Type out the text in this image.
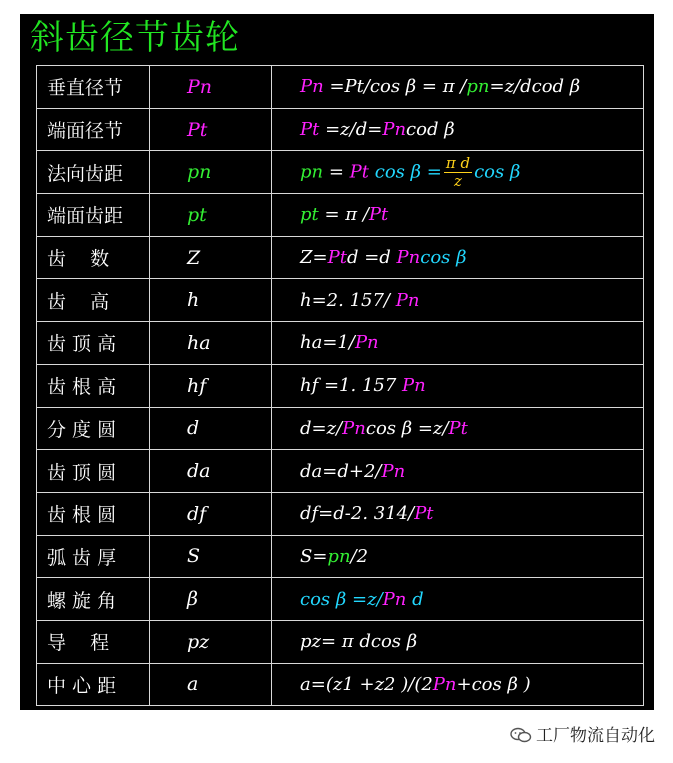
斜齿径节齿轮
垂直径节	Pn	Pn =Pt/cos β = π /pn=z/dcod β
端面径节	Pt	Pt =z/d=Pncod β
法向齿距	pn	pn = Pt $\cos \beta = \frac{\text{π d}}{z}$ cos β
端面齿距	pt	pt = π /Pt
齿    数	Z	Z=Ptd =d Pncos β
齿    高	h	h=2. 157/ Pn
齿 顶 高	ha	ha=1/Pn
齿 根 高	hf	hf =1. 157 Pn
分 度 圆	d	d=z/Pncos β =z/Pt
齿 顶 圆	da	da=d+2/Pn
齿 根 圆	df	df=d-2. 314/Pt
弧 齿 厚	S	S=pn/2
螺 旋 角	β	cos β =z/Pn d
导    程	pz	pz= π dcos β
中 心 距	a	a=(z1 +z2 )/(2Pn+cos β )
工厂物流自动化
